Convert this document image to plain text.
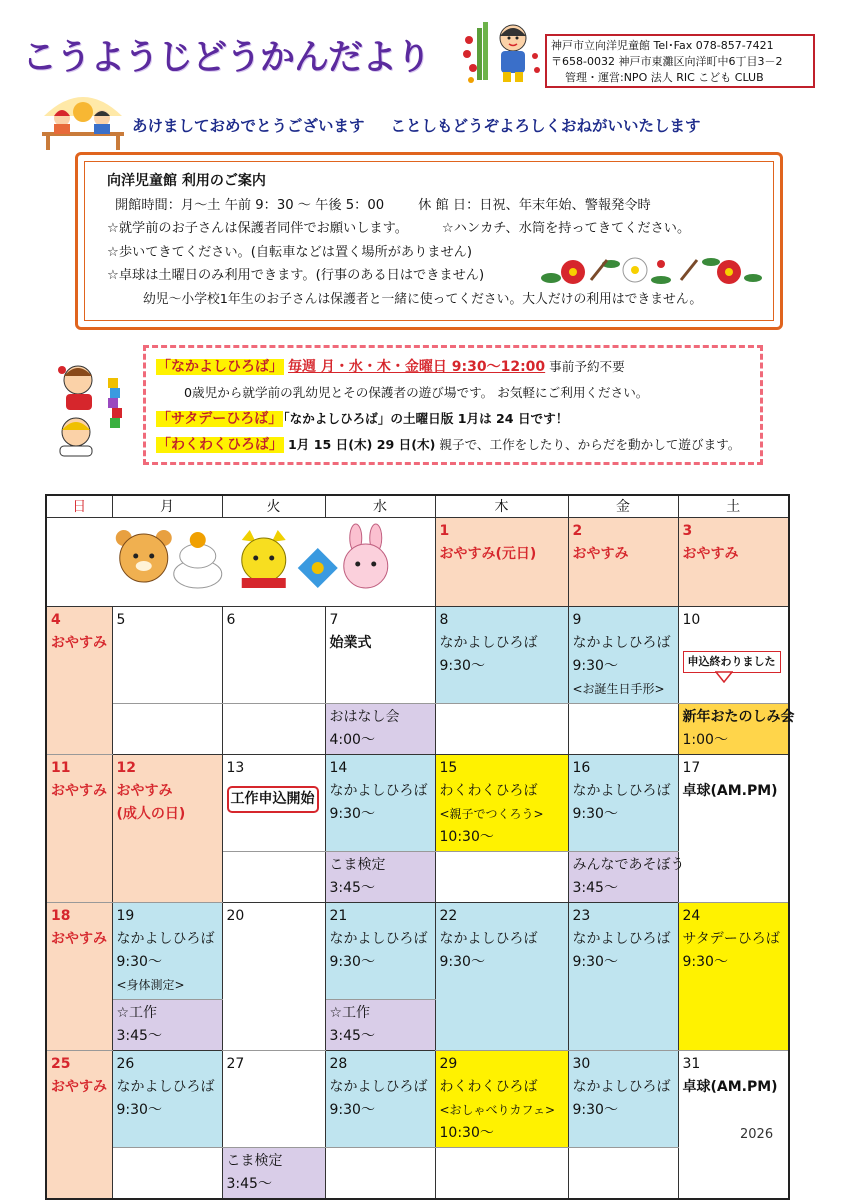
こうようじどうかんだより	神戸市立向洋児童館 Tel･Fax 078-857-7421
〒658-0032 神戸市東灘区向洋町中6丁目3－2
管理・運営:NPO 法人 RIC こども CLUB
あけましておめでとうございます ことしもどうぞよろしくおねがいいたします
向洋児童館 利用のご案内
開館時間：月～土 午前 9：30 ～ 午後 5：00	休 館 日：日祝、年末年始、警報発令時
☆就学前のお子さんは保護者同伴でお願いします。	☆ハンカチ、水筒を持ってきてください。
☆歩いてきてください。(自転車などは置く場所がありません)
☆卓球は土曜日のみ利用できます。(行事のある日はできません)
幼児～小学校1年生のお子さんは保護者と一緒に使ってください。大人だけの利用はできません。
「なかよしひろば」 毎週 月・水・木・金曜日 9:30～12:00 事前予約不要
0歳児から就学前の乳幼児とその保護者の遊び場です。 お気軽にご利用ください。
「サタデーひろば」「なかよしひろば」の土曜日版 1月は 24 日です！
「わくわくひろば」 1月 15 日(木) 29 日(木) 親子で、工作をしたり、からだを動かして遊びます。
日	月	火	水	木	金	土

1
おやすみ(元日)	2
おやすみ	3
おやすみ

4
おやすみ	5	6	7
始業式	8
なかよしひろば
9:30～	9
なかよしひろば
9:30～
<お誕生日手形>	10
申込終わりました

			おはなし会
4:00～			新年おたのしみ会
1:00～

11
おやすみ	12
おやすみ
(成人の日)	13
工作申込開始	14
なかよしひろば
9:30～	15
わくわくひろば
<親子でつくろう>
10:30～	16
なかよしひろば
9:30～	17
卓球(AM.PM)

			こま検定
3:45～		みんなであそぼう
3:45～	

18
おやすみ	19
なかよしひろば
9:30～
<身体測定>	20	21
なかよしひろば
9:30～	22
なかよしひろば
9:30～	23
なかよしひろば
9:30～	24
サタデーひろば
9:30～

	☆工作
3:45～		☆工作
3:45～			

25
おやすみ	26
なかよしひろば
9:30～	27	28
なかよしひろば
9:30～	29
わくわくひろば
<おしゃべりカフェ>
10:30～	30
なかよしひろば
9:30～	31
卓球(AM.PM)

		こま検定
3:45～				

2026
